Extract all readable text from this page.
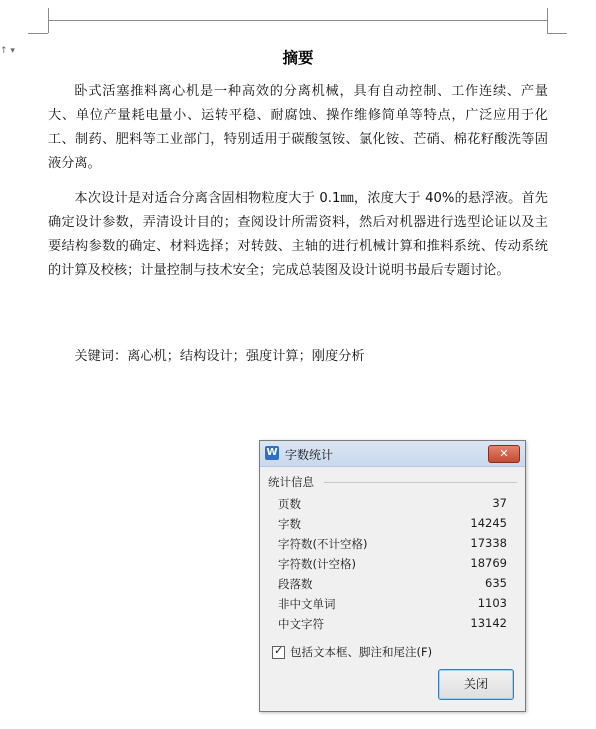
↑ ▾	摘要
卧式活塞推料离心机是一种高效的分离机械，具有自动控制、工作连续、产量大、单位产量耗电量小、运转平稳、耐腐蚀、操作维修简单等特点，广泛应用于化工、制药、肥料等工业部门，特别适用于碳酸氢铵、氯化铵、芒硝、棉花籽酸洗等固液分离。
本次设计是对适合分离含固相物粒度大于 0.1㎜，浓度大于 40%的悬浮液。首先确定设计参数，弄清设计目的；查阅设计所需资料，然后对机器进行选型论证以及主要结构参数的确定、材料选择；对转鼓、主轴的进行机械计算和推料系统、传动系统的计算及校核；计量控制与技术安全；完成总装图及设计说明书最后专题讨论。
关键词：离心机；结构设计；强度计算；刚度分析
W 字数统计	✕
统计信息
页数	37
字数	14245
字符数(不计空格)	17338
字符数(计空格)	18769
段落数	635
非中文单词	1103
中文字符	13142
✓ 包括文本框、脚注和尾注(F)
关闭
